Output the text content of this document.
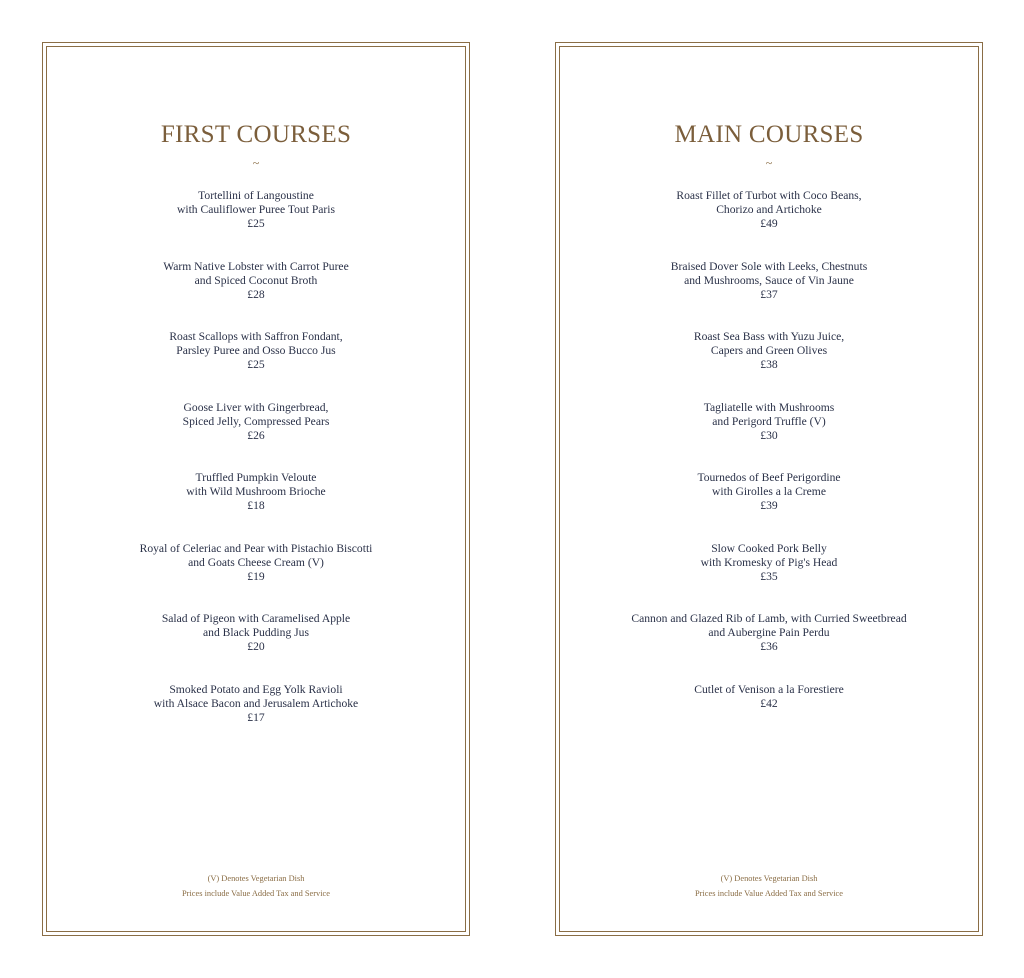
FIRST COURSES
~
Tortellini of Langoustine
with Cauliflower Puree Tout Paris
£25
Warm Native Lobster with Carrot Puree
and Spiced Coconut Broth
£28
Roast Scallops with Saffron Fondant,
Parsley Puree and Osso Bucco Jus
£25
Goose Liver with Gingerbread,
Spiced Jelly, Compressed Pears
£26
Truffled Pumpkin Veloute
with Wild Mushroom Brioche
£18
Royal of Celeriac and Pear with Pistachio Biscotti
and Goats Cheese Cream (V)
£19
Salad of Pigeon with Caramelised Apple
and Black Pudding Jus
£20
Smoked Potato and Egg Yolk Ravioli
with Alsace Bacon and Jerusalem Artichoke
£17
(V) Denotes Vegetarian Dish
Prices include Value Added Tax and Service
MAIN COURSES
~
Roast Fillet of Turbot with Coco Beans,
Chorizo and Artichoke
£49
Braised Dover Sole with Leeks, Chestnuts
and Mushrooms, Sauce of Vin Jaune
£37
Roast Sea Bass with Yuzu Juice,
Capers and Green Olives
£38
Tagliatelle with Mushrooms
and Perigord Truffle (V)
£30
Tournedos of Beef Perigordine
with Girolles a la Creme
£39
Slow Cooked Pork Belly
with Kromesky of Pig's Head
£35
Cannon and Glazed Rib of Lamb, with Curried Sweetbread
and Aubergine Pain Perdu
£36
Cutlet of Venison a la Forestiere
£42
(V) Denotes Vegetarian Dish
Prices include Value Added Tax and Service
